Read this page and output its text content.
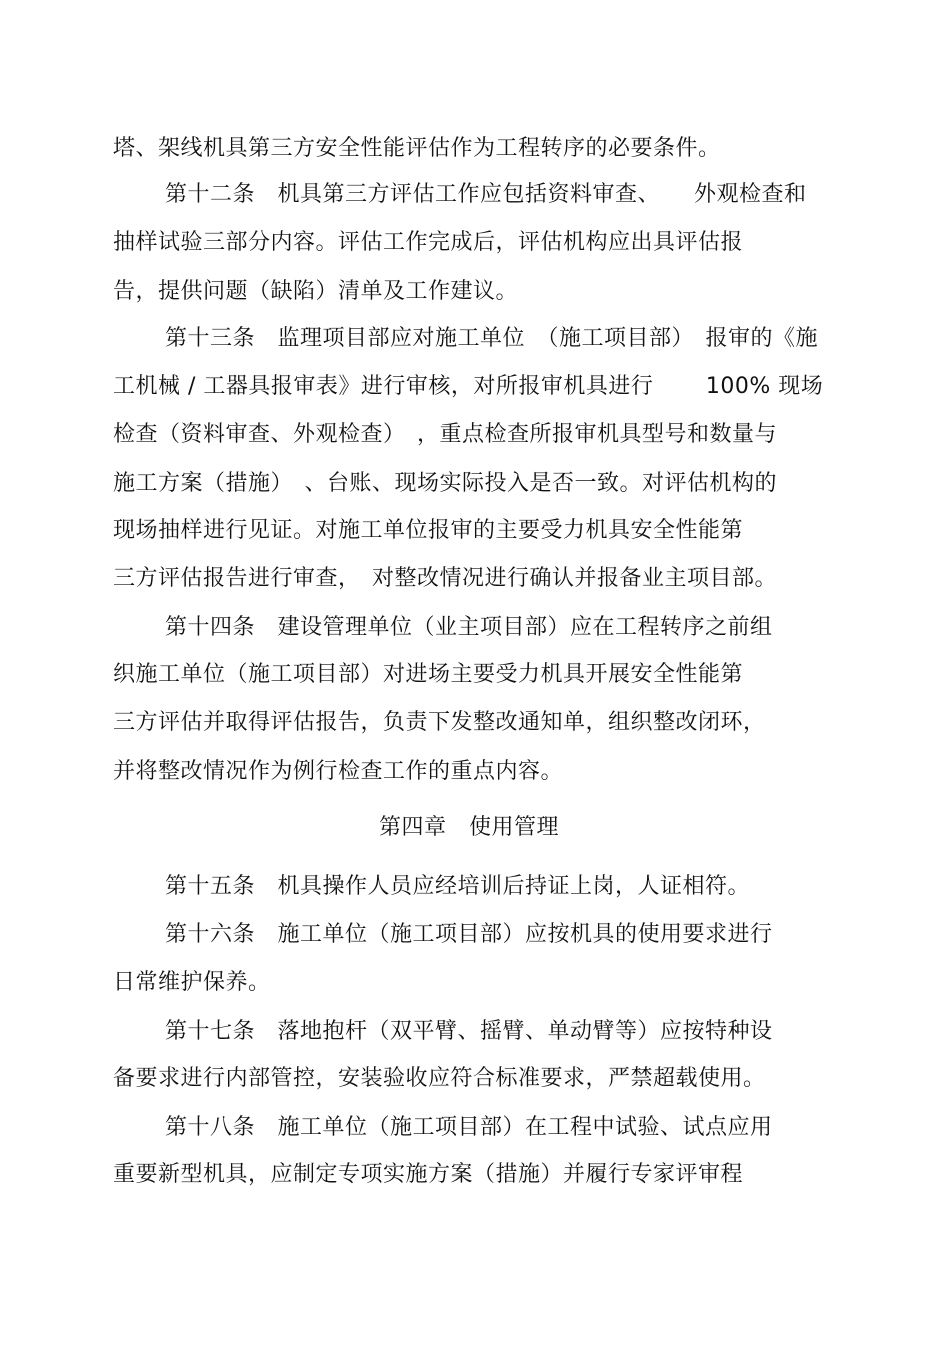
塔、架线机具第三方安全性能评估作为工程转序的必要条件。
第十二条　机具第三方评估工作应包括资料审查、　　外观检查和
抽样试验三部分内容。评估工作完成后，评估机构应出具评估报
告，提供问题（缺陷）清单及工作建议。
第十三条　监理项目部应对施工单位　（施工项目部）　报审的《施
工机械 / 工器具报审表》进行审核，对所报审机具进行　　 100% 现场
检查（资料审查、外观检查）　，重点检查所报审机具型号和数量与
施工方案（措施）　、台账、现场实际投入是否一致。对评估机构的
现场抽样进行见证。对施工单位报审的主要受力机具安全性能第
三方评估报告进行审查，　对整改情况进行确认并报备业主项目部。
第十四条　建设管理单位（业主项目部）应在工程转序之前组
织施工单位（施工项目部）对进场主要受力机具开展安全性能第
三方评估并取得评估报告，负责下发整改通知单，组织整改闭环，
并将整改情况作为例行检查工作的重点内容。
第四章　使用管理
第十五条　机具操作人员应经培训后持证上岗，人证相符。
第十六条　施工单位（施工项目部）应按机具的使用要求进行
日常维护保养。
第十七条　落地抱杆（双平臂、摇臂、单动臂等）应按特种设
备要求进行内部管控，安装验收应符合标准要求，严禁超载使用。
第十八条　施工单位（施工项目部）在工程中试验、试点应用
重要新型机具，应制定专项实施方案（措施）并履行专家评审程
